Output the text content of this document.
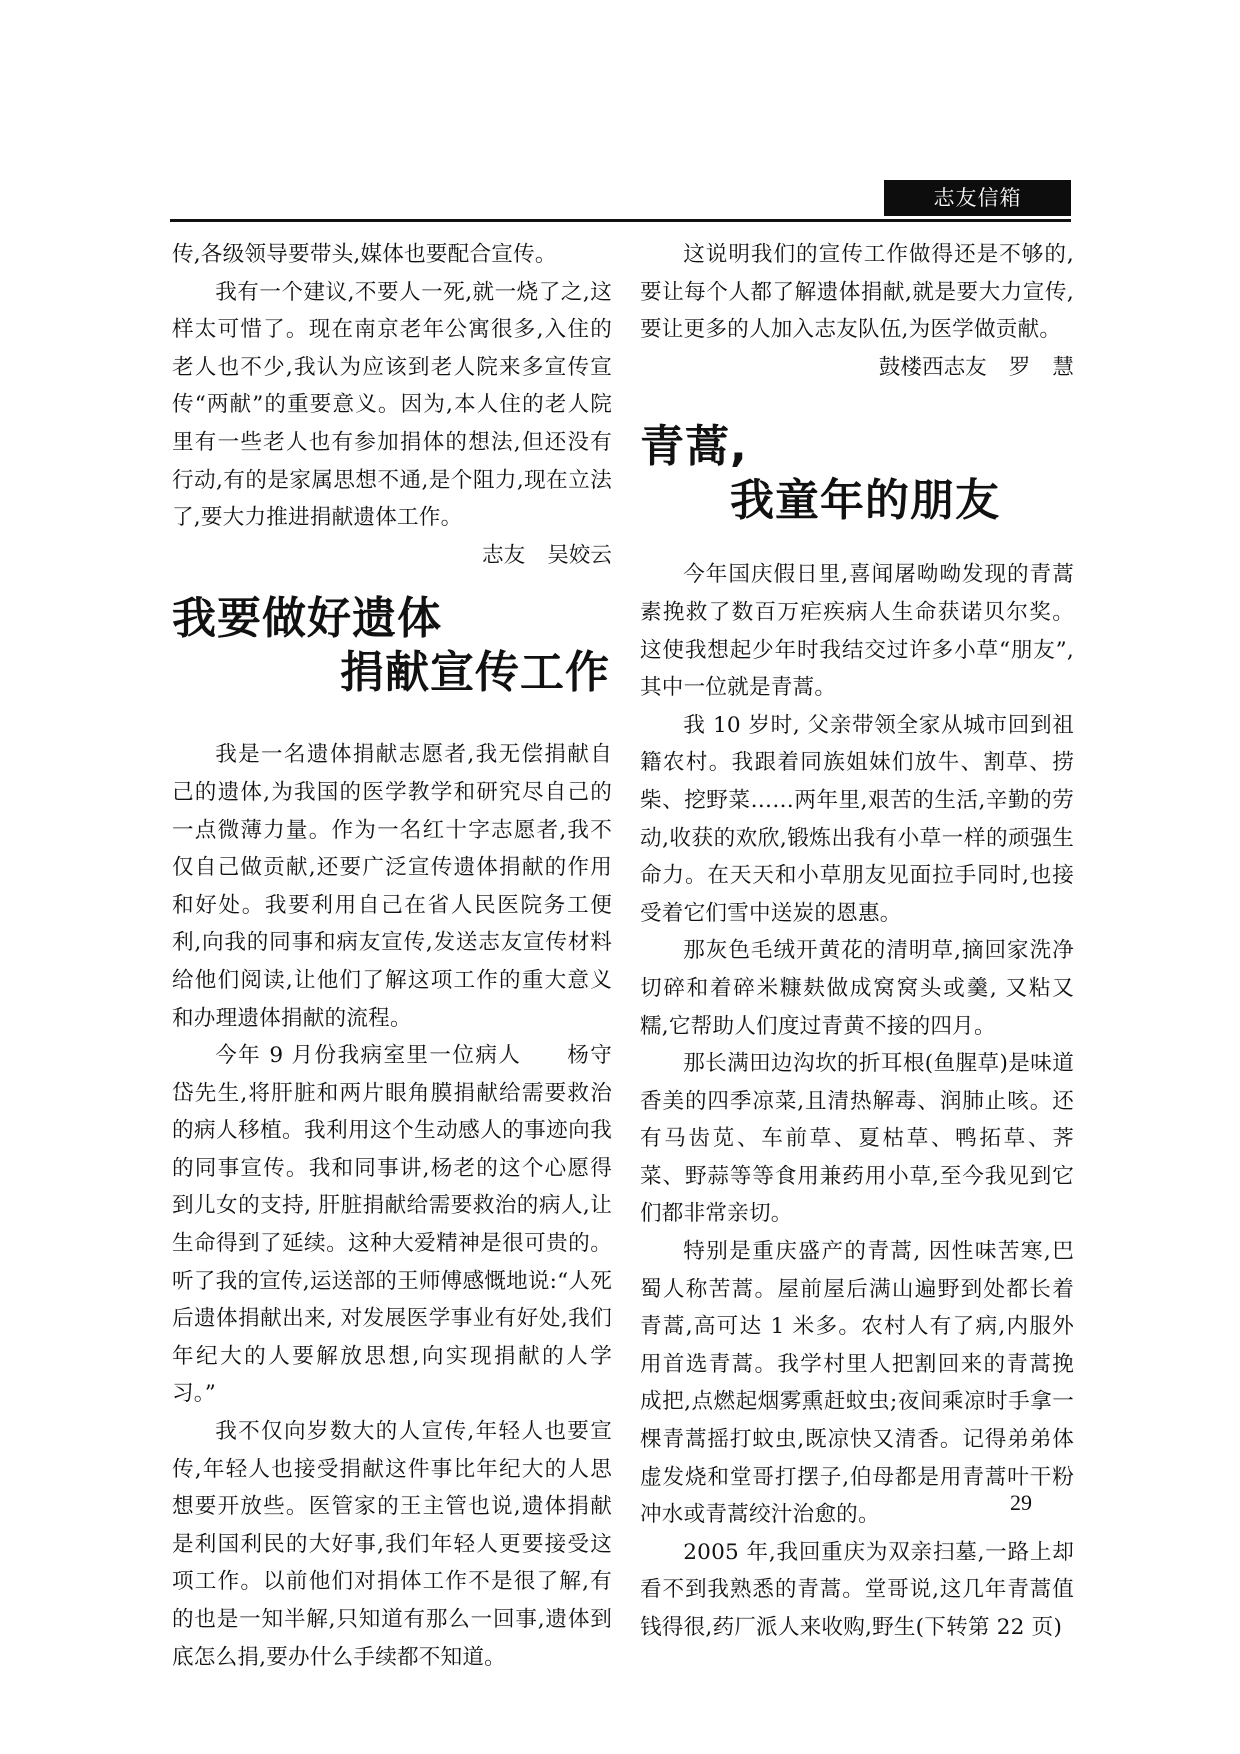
志友信箱

传,各级领导要带头,媒体也要配合宣传。

我有一个建议,不要人一死,就一烧了之,这样太可惜了。现在南京老年公寓很多,入住的老人也不少,我认为应该到老人院来多宣传宣传“两献”的重要意义。因为,本人住的老人院里有一些老人也有参加捐体的想法,但还没有行动,有的是家属思想不通,是个阻力,现在立法了,要大力推进捐献遗体工作。

志友 吴姣云

我要做好遗体
捐献宣传工作

我是一名遗体捐献志愿者,我无偿捐献自己的遗体,为我国的医学教学和研究尽自己的一点微薄力量。作为一名红十字志愿者,我不仅自己做贡献,还要广泛宣传遗体捐献的作用和好处。我要利用自己在省人民医院务工便利,向我的同事和病友宣传,发送志友宣传材料给他们阅读,让他们了解这项工作的重大意义和办理遗体捐献的流程。

今年 9 月份我病室里一位病人　　杨守岱先生,将肝脏和两片眼角膜捐献给需要救治的病人移植。我利用这个生动感人的事迹向我的同事宣传。我和同事讲,杨老的这个心愿得到儿女的支持, 肝脏捐献给需要救治的病人,让生命得到了延续。这种大爱精神是很可贵的。听了我的宣传,运送部的王师傅感慨地说:“人死后遗体捐献出来, 对发展医学事业有好处,我们年纪大的人要解放思想,向实现捐献的人学习。”

我不仅向岁数大的人宣传,年轻人也要宣传,年轻人也接受捐献这件事比年纪大的人思想要开放些。医管家的王主管也说,遗体捐献是利国利民的大好事,我们年轻人更要接受这项工作。以前他们对捐体工作不是很了解,有的也是一知半解,只知道有那么一回事,遗体到底怎么捐,要办什么手续都不知道。

这说明我们的宣传工作做得还是不够的,要让每个人都了解遗体捐献,就是要大力宣传,要让更多的人加入志友队伍,为医学做贡献。

鼓楼西志友 罗 慧

青蒿,
我童年的朋友

今年国庆假日里,喜闻屠呦呦发现的青蒿素挽救了数百万疟疾病人生命获诺贝尔奖。这使我想起少年时我结交过许多小草“朋友”,其中一位就是青蒿。

我 10 岁时, 父亲带领全家从城市回到祖籍农村。我跟着同族姐妹们放牛、割草、捞柴、挖野菜……两年里,艰苦的生活,辛勤的劳动,收获的欢欣,锻炼出我有小草一样的顽强生命力。在天天和小草朋友见面拉手同时,也接受着它们雪中送炭的恩惠。

那灰色毛绒开黄花的清明草,摘回家洗净切碎和着碎米糠麸做成窝窝头或羹, 又粘又糯,它帮助人们度过青黄不接的四月。

那长满田边沟坎的折耳根(鱼腥草)是味道香美的四季凉菜,且清热解毒、润肺止咳。还有马齿苋、车前草、夏枯草、鸭拓草、荠菜、野蒜等等食用兼药用小草,至今我见到它们都非常亲切。

特别是重庆盛产的青蒿, 因性味苦寒,巴蜀人称苦蒿。屋前屋后满山遍野到处都长着青蒿,高可达 1 米多。农村人有了病,内服外用首选青蒿。我学村里人把割回来的青蒿挽成把,点燃起烟雾熏赶蚊虫;夜间乘凉时手拿一棵青蒿摇打蚊虫,既凉快又清香。记得弟弟体虚发烧和堂哥打摆子,伯母都是用青蒿叶干粉冲水或青蒿绞汁治愈的。

2005 年,我回重庆为双亲扫墓,一路上却看不到我熟悉的青蒿。堂哥说,这几年青蒿值钱得很,药厂派人来收购,野生(下转第 22 页)

29
